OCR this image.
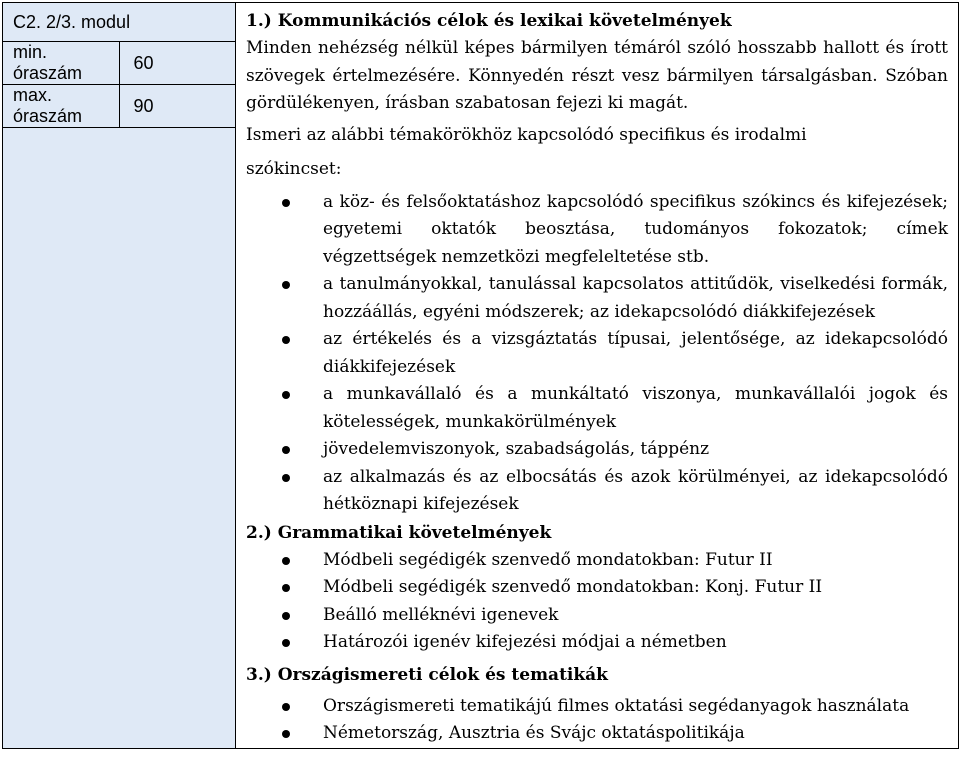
C2. 2/3. modul
min. óraszám	60
max. óraszám	90

1.) Kommunikációs célok és lexikai követelmények

Minden nehézség nélkül képes bármilyen témáról szóló hosszabb hallott és írott szövegek értelmezésére. Könnyedén részt vesz bármilyen társalgásban. Szóban gördülékenyen, írásban szabatosan fejezi ki magát.

Ismeri az alábbi témakörökhöz kapcsolódó specifikus és irodalmi

szókincset:

a köz- és felsőoktatáshoz kapcsolódó specifikus szókincs és kifejezések; egyetemi oktatók beosztása, tudományos fokozatok; címek végzettségek nemzetközi megfeleltetése stb.
a tanulmányokkal, tanulással kapcsolatos attitűdök, viselkedési formák, hozzáállás, egyéni módszerek; az idekapcsolódó diákkifejezések
az értékelés és a vizsgáztatás típusai, jelentősége, az idekapcsolódó diákkifejezések
a munkavállaló és a munkáltató viszonya, munkavállalói jogok és kötelességek, munkakörülmények
jövedelemviszonyok, szabadságolás, táppénz
az alkalmazás és az elbocsátás és azok körülményei, az idekapcsolódó hétköznapi kifejezések

2.) Grammatikai követelmények

Módbeli segédigék szenvedő mondatokban: Futur II
Módbeli segédigék szenvedő mondatokban: Konj. Futur II
Beálló melléknévi igenevek
Határozói igenév kifejezési módjai a németben

3.) Országismereti célok és tematikák

Országismereti tematikájú filmes oktatási segédanyagok használata
Németország, Ausztria és Svájc oktatáspolitikája
